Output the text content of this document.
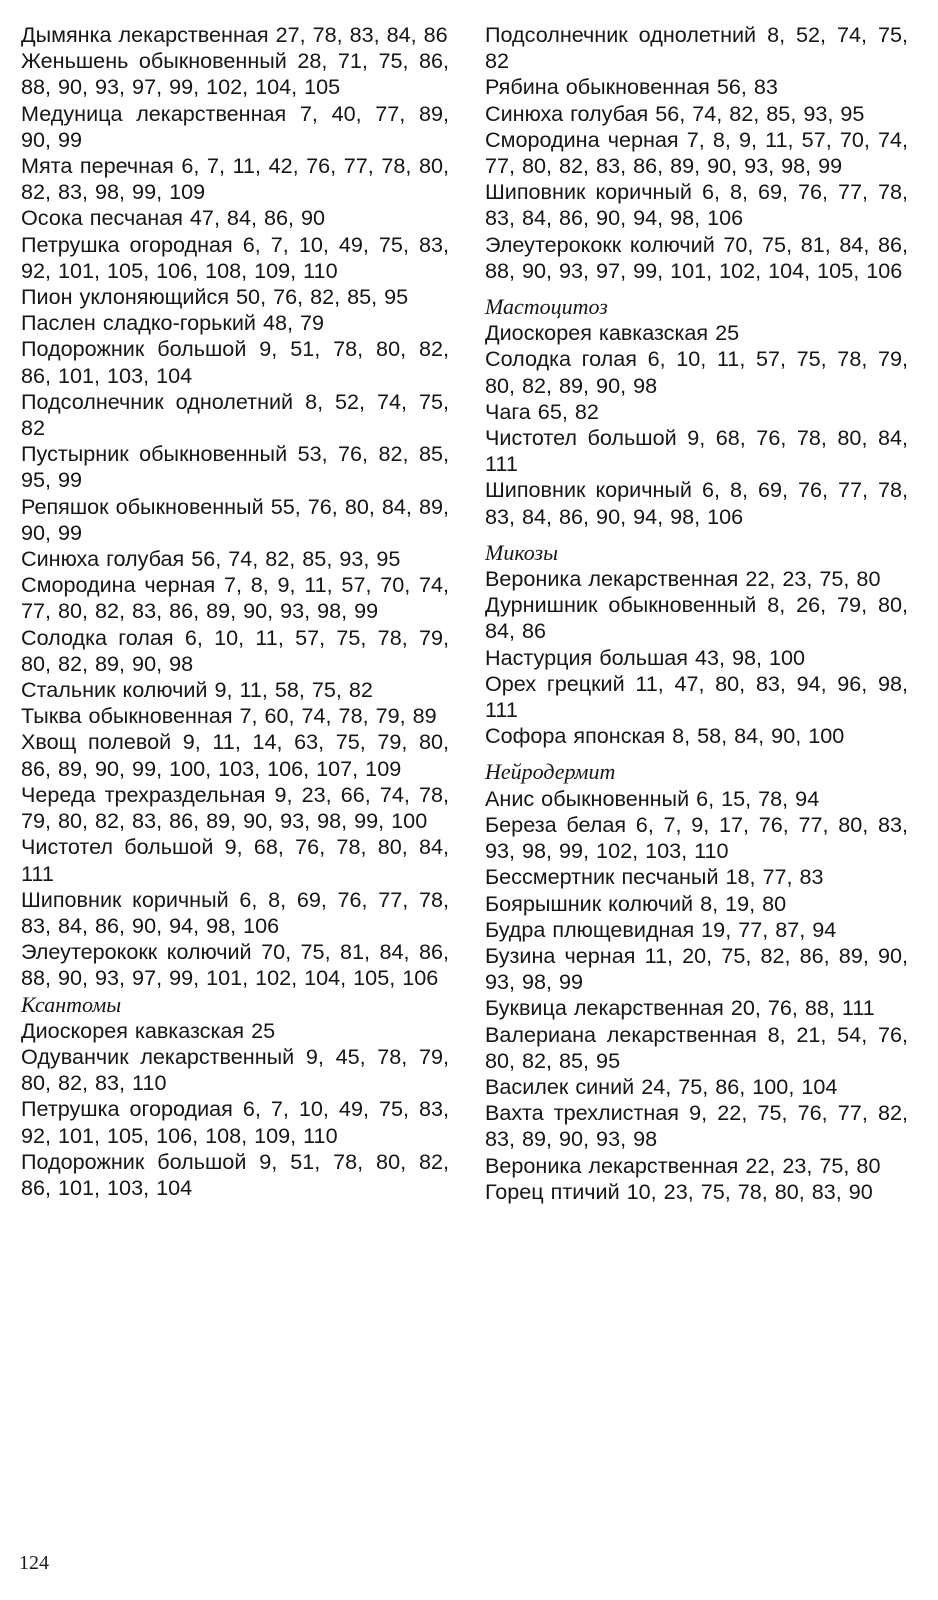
Дымянка лекарственная 27, 78, 83, 84, 86
Женьшень обыкновенный 28, 71, 75, 86, 88, 90, 93, 97, 99, 102, 104, 105
Медуница лекарственная 7, 40, 77, 89, 90, 99
Мята перечная 6, 7, 11, 42, 76, 77, 78, 80, 82, 83, 98, 99, 109
Осока песчаная 47, 84, 86, 90
Петрушка огородная 6, 7, 10, 49, 75, 83, 92, 101, 105, 106, 108, 109, 110
Пион уклоняющийся 50, 76, 82, 85, 95
Паслен сладко-горький 48, 79
Подорожник большой 9, 51, 78, 80, 82, 86, 101, 103, 104
Подсолнечник однолетний 8, 52, 74, 75, 82
Пустырник обыкновенный 53, 76, 82, 85, 95, 99
Репяшок обыкновенный 55, 76, 80, 84, 89, 90, 99
Синюха голубая 56, 74, 82, 85, 93, 95
Смородина черная 7, 8, 9, 11, 57, 70, 74, 77, 80, 82, 83, 86, 89, 90, 93, 98, 99
Солодка голая 6, 10, 11, 57, 75, 78, 79, 80, 82, 89, 90, 98
Стальник колючий 9, 11, 58, 75, 82
Тыква обыкновенная 7, 60, 74, 78, 79, 89
Хвощ полевой 9, 11, 14, 63, 75, 79, 80, 86, 89, 90, 99, 100, 103, 106, 107, 109
Череда трехраздельная 9, 23, 66, 74, 78, 79, 80, 82, 83, 86, 89, 90, 93, 98, 99, 100
Чистотел большой 9, 68, 76, 78, 80, 84, 111
Шиповник коричный 6, 8, 69, 76, 77, 78, 83, 84, 86, 90, 94, 98, 106
Элеутерококк колючий 70, 75, 81, 84, 86, 88, 90, 93, 97, 99, 101, 102, 104, 105, 106
Ксантомы
Диоскорея кавказская 25
Одуванчик лекарственный 9, 45, 78, 79, 80, 82, 83, 110
Петрушка огородиая 6, 7, 10, 49, 75, 83, 92, 101, 105, 106, 108, 109, 110
Подорожник большой 9, 51, 78, 80, 82, 86, 101, 103, 104
Подсолнечник однолетний 8, 52, 74, 75, 82
Рябина обыкновенная 56, 83
Синюха голубая 56, 74, 82, 85, 93, 95
Смородина черная 7, 8, 9, 11, 57, 70, 74, 77, 80, 82, 83, 86, 89, 90, 93, 98, 99
Шиповник коричный 6, 8, 69, 76, 77, 78, 83, 84, 86, 90, 94, 98, 106
Элеутерококк колючий 70, 75, 81, 84, 86, 88, 90, 93, 97, 99, 101, 102, 104, 105, 106
Мастоцитоз
Диоскорея кавказская 25
Солодка голая 6, 10, 11, 57, 75, 78, 79, 80, 82, 89, 90, 98
Чага 65, 82
Чистотел большой 9, 68, 76, 78, 80, 84, 111
Шиповник коричный 6, 8, 69, 76, 77, 78, 83, 84, 86, 90, 94, 98, 106
Микозы
Вероника лекарственная 22, 23, 75, 80
Дурнишник обыкновенный 8, 26, 79, 80, 84, 86
Настурция большая 43, 98, 100
Орех грецкий 11, 47, 80, 83, 94, 96, 98, 111
Софора японская 8, 58, 84, 90, 100
Нейродермит
Анис обыкновенный 6, 15, 78, 94
Береза белая 6, 7, 9, 17, 76, 77, 80, 83, 93, 98, 99, 102, 103, 110
Бессмертник песчаный 18, 77, 83
Боярышник колючий 8, 19, 80
Будра плющевидная 19, 77, 87, 94
Бузина черная 11, 20, 75, 82, 86, 89, 90, 93, 98, 99
Буквица лекарственная 20, 76, 88, 111
Валериана лекарственная 8, 21, 54, 76, 80, 82, 85, 95
Василек синий 24, 75, 86, 100, 104
Вахта трехлистная 9, 22, 75, 76, 77, 82, 83, 89, 90, 93, 98
Вероника лекарственная 22, 23, 75, 80
Горец птичий 10, 23, 75, 78, 80, 83, 90
124
